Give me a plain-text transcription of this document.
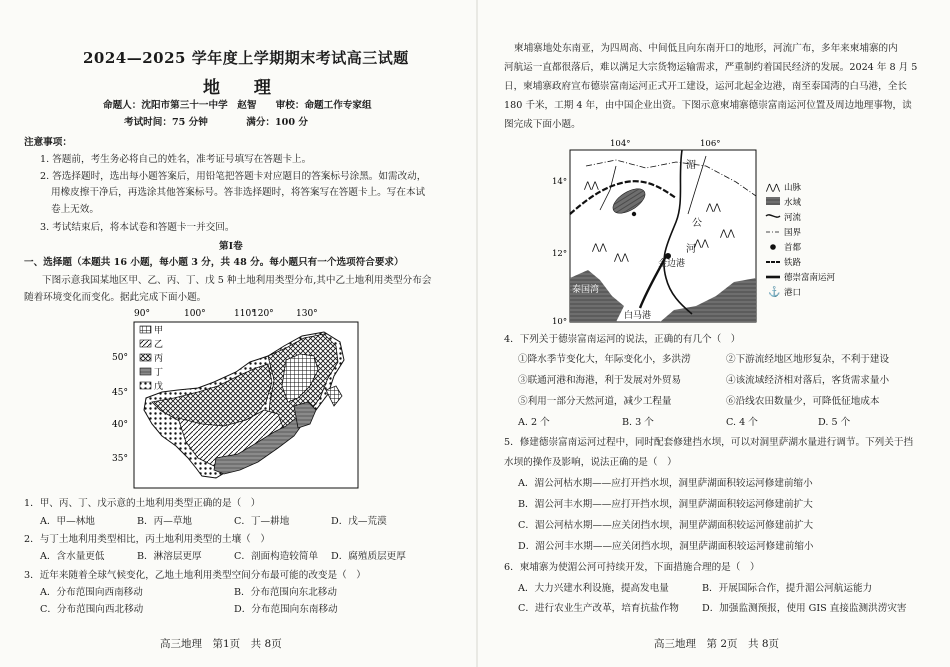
2024—2025 学年度上学期期末考试高三试题
地 理
命题人：沈阳市第三十一中学　赵智　　审校：命题工作专家组
考试时间：75 分钟　　　　满分：100 分
注意事项：
1. 答题前，考生务必将自己的姓名，准考证号填写在答题卡上。
2. 答选择题时，选出每小题答案后，用铅笔把答题卡对应题目的答案标号涂黑。如需改动，
用橡皮擦干净后，再选涂其他答案标号。答非选择题时，将答案写在答题卡上。写在本试
卷上无效。
3. 考试结束后，将本试卷和答题卡一并交回。
第Ⅰ卷
一、选择题（本题共 16 小题，每小题 3 分，共 48 分。每小题只有一个选项符合要求）
下图示意我国某地区甲、乙、丙、丁、戊 5 种土地利用类型分布,其中乙土地利用类型分布会
随着环境变化而变化。据此完成下面小题。
90°	100°	110°
120° 130°
50°
45°
40°
35°
甲
乙
丙
丁
戊
1．甲、丙、丁、戊示意的土地利用类型正确的是（　）
A．甲—林地	B．丙—草地	C．丁—耕地	D．戊—荒漠
2．与丁土地利用类型相比，丙土地利用类型的土壤（　）
A．含水量更低	B．淋溶层更厚	C．剖面构造较简单 D．腐殖质层更厚
3．近年来随着全球气候变化，乙地土地利用类型空间分布最可能的改变是（　）
A．分布范围向西南移动	B．分布范围向东北移动
C．分布范围向西北移动	D．分布范围向东南移动
高三地理　第1页　共 8页
柬埔寨地处东南亚，为四周高、中间低且向东南开口的地形，河流广布，多年来柬埔寨的内
河航运一直都很落后，难以满足大宗货物运输需求，严重制约着国民经济的发展。2024 年 8 月 5
日，柬埔寨政府宣布德崇富南运河正式开工建设，运河北起金边港，南至泰国湾的白马港，全长
180 千米，工期 4 年，由中国企业出资。下图示意柬埔寨德崇富南运河位置及周边地理事物，读
图完成下面小题。
104°	106°
14°
12°
10°
⋀⋀
⋀⋀
⋀⋀
⋀⋀
⋀⋀
⋀⋀
湄
公
河
金边港
泰国湾
白马港
⋀⋀ 山脉
水域
河流
国界
首都
铁路
德崇富南运河
⚓ 港口
4．下列关于德崇富南运河的说法，正确的有几个（　）
①降水季节变化大，年际变化小，多洪涝	②下游流经地区地形复杂，不利于建设
③联通河港和海港，利于发展对外贸易	④该流域经济相对落后，客货需求量小
⑤利用一部分天然河道，减少工程量	⑥沿线农田数量少，可降低征地成本
A. 2 个	B. 3 个	C. 4 个	D. 5 个
5．修建德崇富南运河过程中，同时配套修建挡水坝，可以对洞里萨湖水量进行调节。下列关于挡
水坝的操作及影响，说法正确的是（　）
A．湄公河枯水期——应打开挡水坝，洞里萨湖面积较运河修建前缩小
B．湄公河丰水期——应打开挡水坝，洞里萨湖面积较运河修建前扩大
C．湄公河枯水期——应关闭挡水坝，洞里萨湖面积较运河修建前扩大
D．湄公河丰水期——应关闭挡水坝，洞里萨湖面积较运河修建前缩小
6．柬埔寨为使湄公河可持续开发，下面措施合理的是（　）
A．大力兴建水利设施，提高发电量	B．开展国际合作，提升湄公河航运能力
C．进行农业生产改革，培育抗盐作物 D．加强监测预报，使用 GIS 直接监测洪涝灾害
高三地理　第 2页　共 8页
